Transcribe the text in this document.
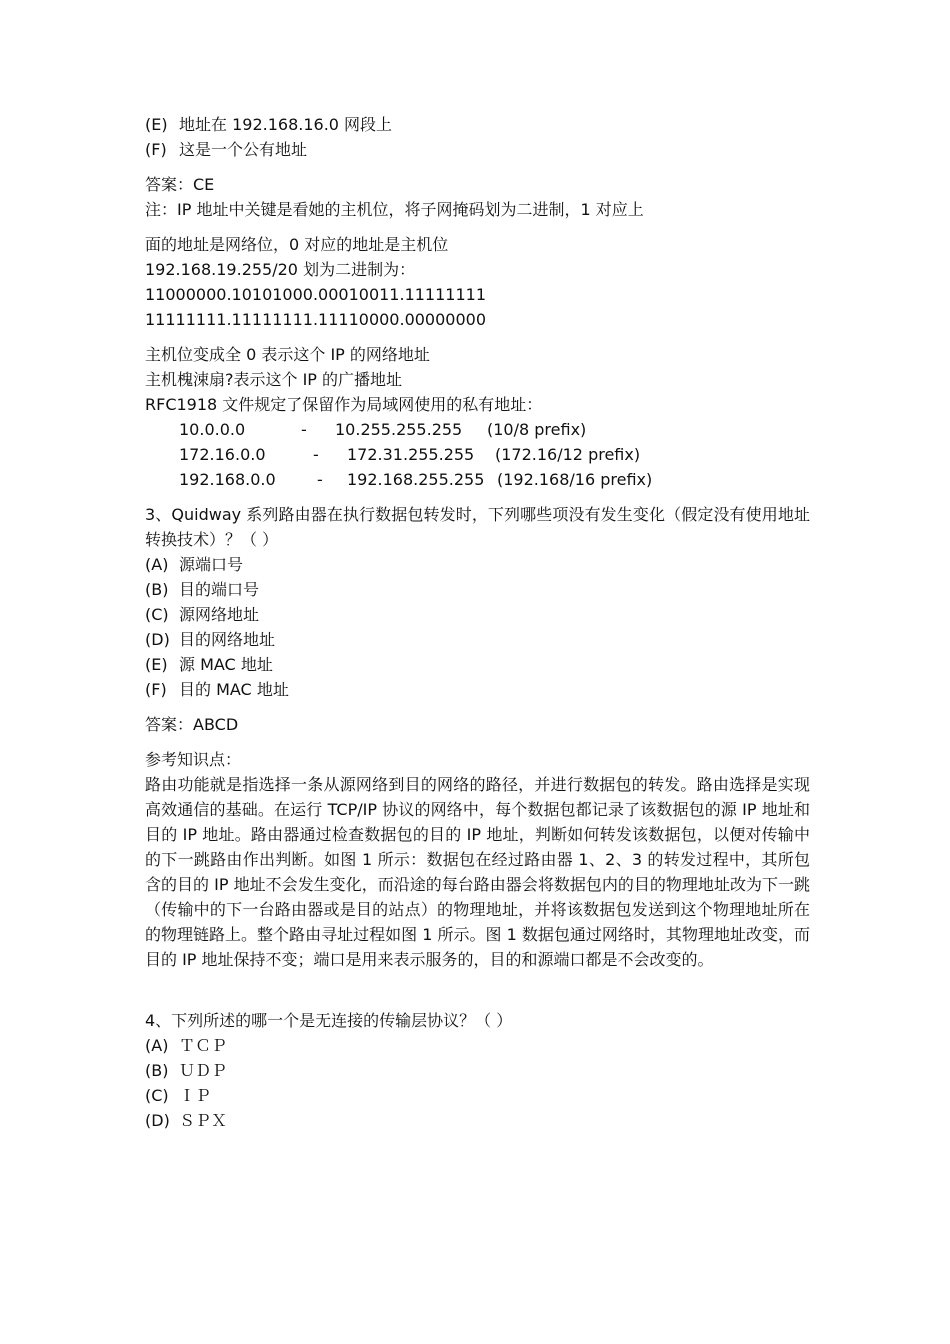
(E) 地址在 192.168.16.0 网段上
(F) 这是一个公有地址
答案：CE
注：IP 地址中关键是看她的主机位，将子网掩码划为二进制，1 对应上
面的地址是网络位，0 对应的地址是主机位
192.168.19.255/20 划为二进制为：
11000000.10101000.00010011.11111111
11111111.11111111.11110000.00000000
主机位变成全 0 表示这个 IP 的网络地址
主机槐涑扇?表示这个 IP 的广播地址
RFC1918 文件规定了保留作为局域网使用的私有地址：
10.0.0.0	-	10.255.255.255	(10/8 prefix)
172.16.0.0	-	172.31.255.255	(172.16/12 prefix)
192.168.0.0	-	192.168.255.255 (192.168/16 prefix)
3、Quidway 系列路由器在执行数据包转发时，下列哪些项没有发生变化（假定没有使用地址转换技术）？（ ）
(A) 源端口号
(B) 目的端口号
(C) 源网络地址
(D) 目的网络地址
(E) 源 MAC 地址
(F) 目的 MAC 地址
答案：ABCD
参考知识点：
路由功能就是指选择一条从源网络到目的网络的路径，并进行数据包的转发。路由选择是实现高效通信的基础。在运行 TCP/IP 协议的网络中，每个数据包都记录了该数据包的源 IP 地址和目的 IP 地址。路由器通过检查数据包的目的 IP 地址，判断如何转发该数据包，以便对传输中的下一跳路由作出判断。如图 1 所示：数据包在经过路由器 1、2、3 的转发过程中，其所包含的目的 IP 地址不会发生变化，而沿途的每台路由器会将数据包内的目的物理地址改为下一跳（传输中的下一台路由器或是目的站点）的物理地址，并将该数据包发送到这个物理地址所在的物理链路上。整个路由寻址过程如图 1 所示。图 1 数据包通过网络时，其物理地址改变，而目的 IP 地址保持不变；端口是用来表示服务的，目的和源端口都是不会改变的。
4、下列所述的哪一个是无连接的传输层协议？（ ）
(A) ＴＣＰ
(B) ＵＤＰ
(C) ＩＰ
(D) ＳＰＸ
